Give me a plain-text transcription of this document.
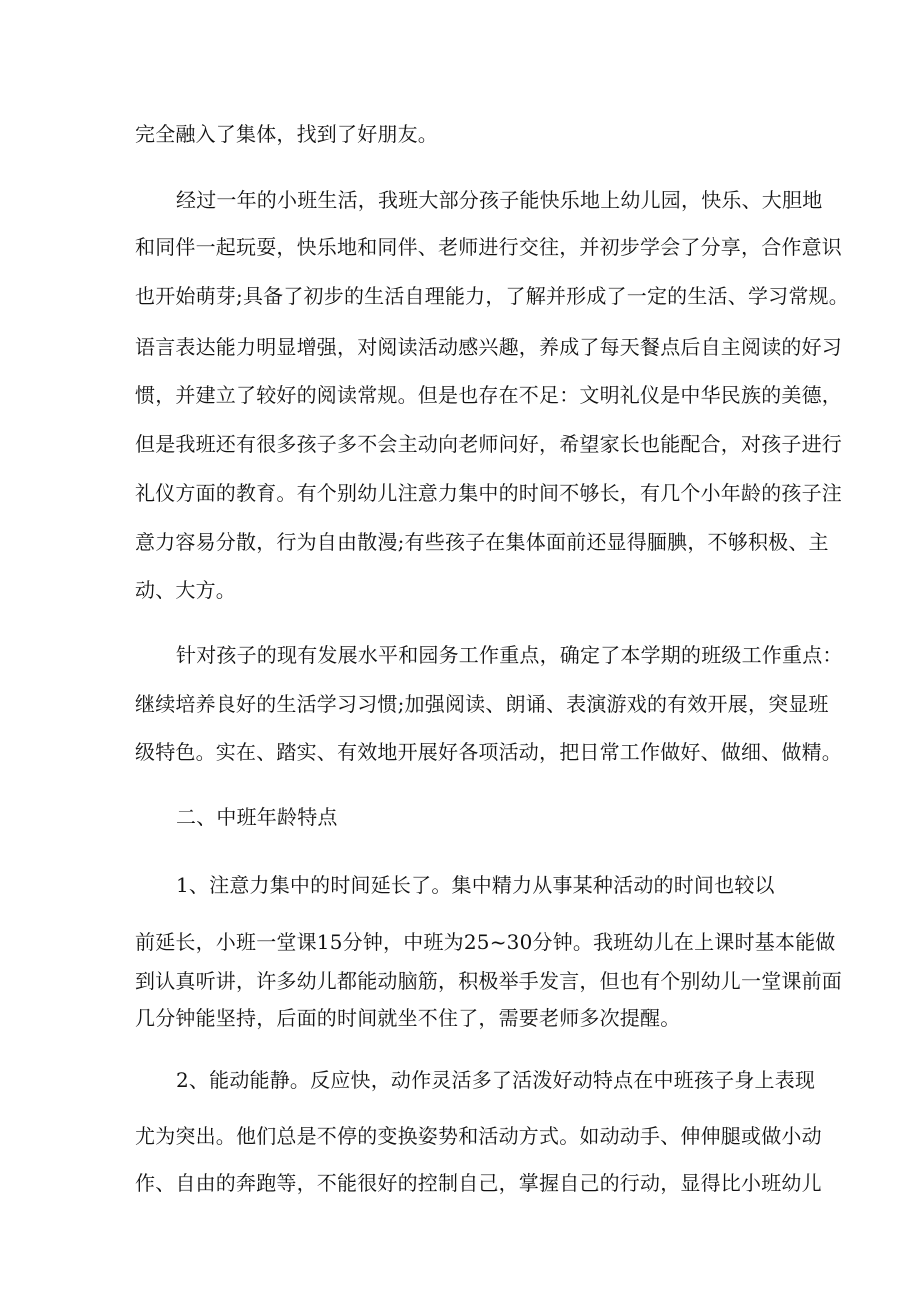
完全融入了集体，找到了好朋友。
经过一年的小班生活，我班大部分孩子能快乐地上幼儿园，快乐、大胆地
和同伴一起玩耍，快乐地和同伴、老师进行交往，并初步学会了分享，合作意识
也开始萌芽;具备了初步的生活自理能力，了解并形成了一定的生活、学习常规。
语言表达能力明显增强，对阅读活动感兴趣，养成了每天餐点后自主阅读的好习
惯，并建立了较好的阅读常规。但是也存在不足：文明礼仪是中华民族的美德，
但是我班还有很多孩子多不会主动向老师问好，希望家长也能配合，对孩子进行
礼仪方面的教育。有个别幼儿注意力集中的时间不够长，有几个小年龄的孩子注
意力容易分散，行为自由散漫;有些孩子在集体面前还显得腼腆，不够积极、主
动、大方。
针对孩子的现有发展水平和园务工作重点，确定了本学期的班级工作重点：
继续培养良好的生活学习习惯;加强阅读、朗诵、表演游戏的有效开展，突显班
级特色。实在、踏实、有效地开展好各项活动，把日常工作做好、做细、做精。
二、中班年龄特点
1、注意力集中的时间延长了。集中精力从事某种活动的时间也较以
前延长，小班一堂课15分钟，中班为25~30分钟。我班幼儿在上课时基本能做
到认真听讲，许多幼儿都能动脑筋，积极举手发言，但也有个别幼儿一堂课前面
几分钟能坚持，后面的时间就坐不住了，需要老师多次提醒。
2、能动能静。反应快，动作灵活多了活泼好动特点在中班孩子身上表现
尤为突出。他们总是不停的变换姿势和活动方式。如动动手、伸伸腿或做小动
作、自由的奔跑等，不能很好的控制自己，掌握自己的行动，显得比小班幼儿
